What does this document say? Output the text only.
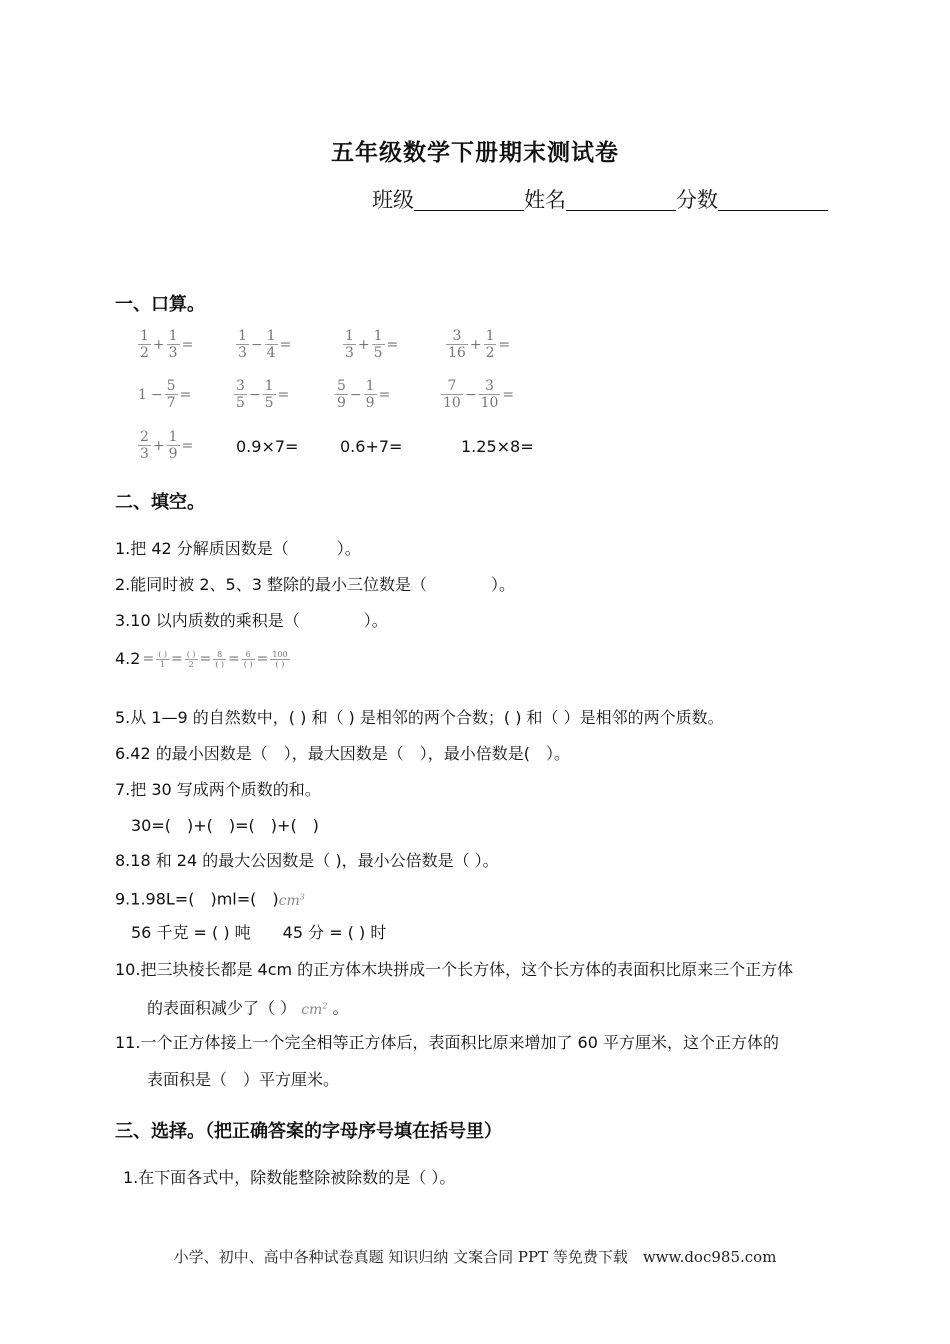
五年级数学下册期末测试卷
班级	姓名	分数
一、口算。
$\frac{1}{2} + \frac{1}{3}$ =	$\frac{1}{3} - \frac{1}{4}$ =	$\frac{1}{3} + \frac{1}{5}$ =	$\frac{3}{16} + \frac{1}{2}$ =
$1 - \frac{5}{7}$ =	$\frac{3}{5} - \frac{1}{5}$ =	$\frac{5}{9} - \frac{1}{9}$ =	$\frac{7}{10} - \frac{3}{10}$ =
$\frac{2}{3} + \frac{1}{9}$ =	0.9×7=	0.6+7=	1.25×8=
二、填空。
1.把 42 分解质因数是（　　　）。
2.能同时被 2、5、3 整除的最小三位数是（　　　　）。
3.10 以内质数的乘积是（　　　　）。
$4.2 = \frac{( )}{1} = \frac{( )}{2} = \frac{8}{( )} = \frac{6}{( )} = \frac{100}{( )}$
5.从 1—9 的自然数中，( ) 和（ ) 是相邻的两个合数；( ) 和（ ）是相邻的两个质数。
6.42 的最小因数是（　），最大因数是（　），最小倍数是(　）。
7.把 30 写成两个质数的和。
30=(　)+(　)=(　)+(　)
8.18 和 24 的最大公因数是（ )，最小公倍数是（ ）。
9.1.98L=(　)ml=(　)$cm^3$
56 千克 = ( ) 吨　　45 分 = ( ) 时
10.把三块棱长都是 4cm 的正方体木块拼成一个长方体，这个长方体的表面积比原来三个正方体
的表面积减少了（ ） $cm^2$ 。
11.一个正方体接上一个完全相等正方体后，表面积比原来增加了 60 平方厘米，这个正方体的
表面积是（　）平方厘米。
三、选择。（把正确答案的字母序号填在括号里）
1.在下面各式中，除数能整除被除数的是（ ）。
小学、初中、高中各种试卷真题 知识归纳 文案合同 PPT 等免费下载　www.doc985.com
